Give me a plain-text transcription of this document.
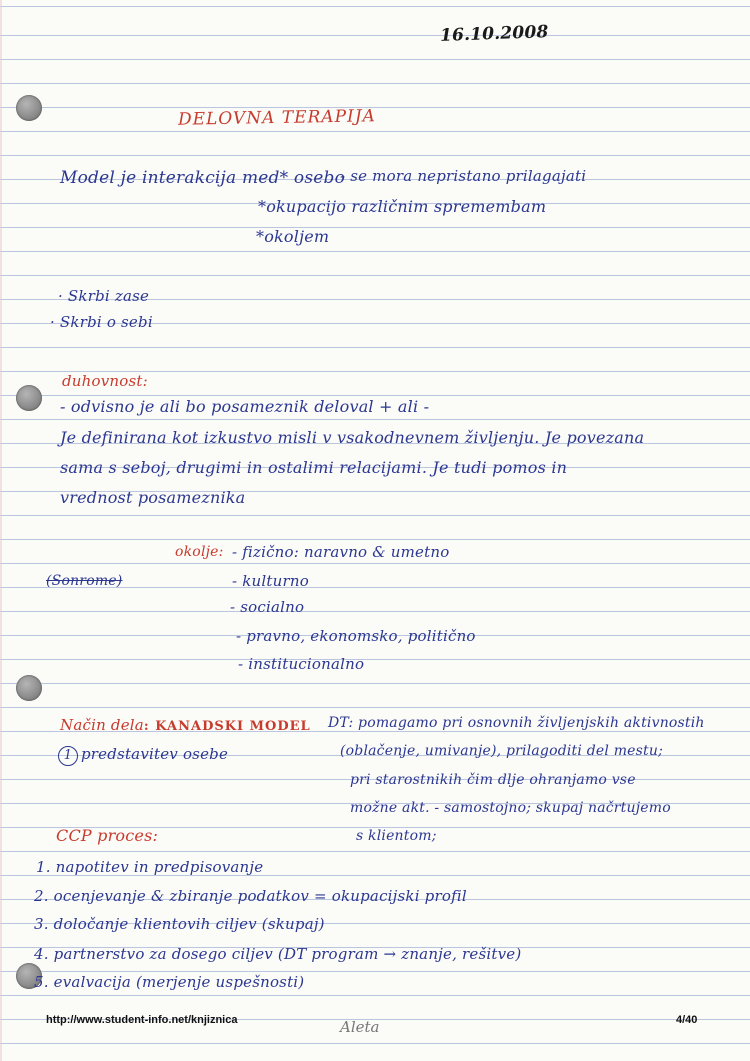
16.10.2008
DELOVNA TERAPIJA
Model je interakcija med* osebo
- se mora nepristano prilagajati
*okupacijo različnim spremembam
*okoljem
· Skrbi zase
· Skrbi o sebi
duhovnost:
- odvisno je ali bo posameznik deloval + ali -
Je definirana kot izkustvo misli v vsakodnevnem življenju. Je povezana
sama s seboj, drugimi in ostalimi relacijami. Je tudi pomos in
vrednost posameznika
okolje:
(Sonrome)
- fizično: naravno & umetno
- kulturno
- socialno
- pravno, ekonomsko, politično
- institucionalno
Način dela: KANADSKI MODEL
1 predstavitev osebe
DT: pomagamo pri osnovnih življenjskih aktivnostih
(oblačenje, umivanje), prilagoditi del mestu;
pri starostnikih čim dlje ohranjamo vse
možne akt. - samostojno; skupaj načrtujemo
s klientom;
CCP proces:
1. napotitev in predpisovanje
2. ocenjevanje & zbiranje podatkov = okupacijski profil
3. določanje klientovih ciljev (skupaj)
4. partnerstvo za dosego ciljev (DT program → znanje, rešitve)
5. evalvacija (merjenje uspešnosti)
http://www.student-info.net/knjiznica	Aleta	4/40
